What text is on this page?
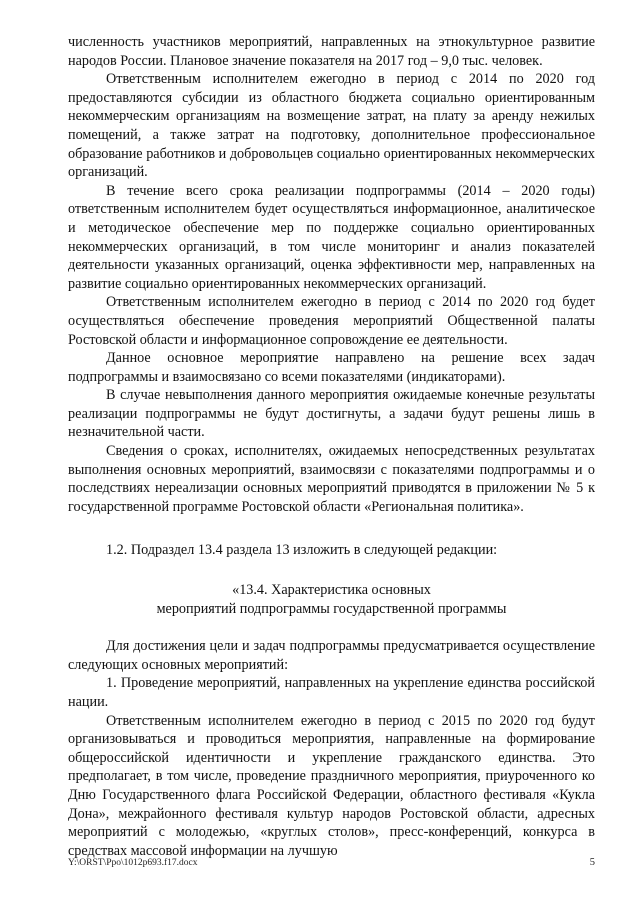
численность участников мероприятий, направленных на этнокультурное развитие народов России. Плановое значение показателя на 2017 год – 9,0 тыс. человек.

Ответственным исполнителем ежегодно в период с 2014 по 2020 год предоставляются субсидии из областного бюджета социально ориентированным некоммерческим организациям на возмещение затрат, на плату за аренду нежилых помещений, а также затрат на подготовку, дополнительное профессиональное образование работников и добровольцев социально ориентированных некоммерческих организаций.

В течение всего срока реализации подпрограммы (2014 – 2020 годы) ответственным исполнителем будет осуществляться информационное, аналитическое и методическое обеспечение мер по поддержке социально ориентированных некоммерческих организаций, в том числе мониторинг и анализ показателей деятельности указанных организаций, оценка эффективности мер, направленных на развитие социально ориентированных некоммерческих организаций.

Ответственным исполнителем ежегодно в период с 2014 по 2020 год будет осуществляться обеспечение проведения мероприятий Общественной палаты Ростовской области и информационное сопровождение ее деятельности.

Данное основное мероприятие направлено на решение всех задач подпрограммы и взаимосвязано со всеми показателями (индикаторами).

В случае невыполнения данного мероприятия ожидаемые конечные результаты реализации подпрограммы не будут достигнуты, а задачи будут решены лишь в незначительной части.

Сведения о сроках, исполнителях, ожидаемых непосредственных результатах выполнения основных мероприятий, взаимосвязи с показателями подпрограммы и о последствиях нереализации основных мероприятий приводятся в приложении № 5 к государственной программе Ростовской области «Региональная политика».

1.2. Подраздел 13.4 раздела 13 изложить в следующей редакции:

«13.4. Характеристика основных

мероприятий подпрограммы государственной программы

Для достижения цели и задач подпрограммы предусматривается осуществление следующих основных мероприятий:

1. Проведение мероприятий, направленных на укрепление единства российской нации.

Ответственным исполнителем ежегодно в период с 2015 по 2020 год будут организовываться и проводиться мероприятия, направленные на формирование общероссийской идентичности и укрепление гражданского единства. Это предполагает, в том числе, проведение праздничного мероприятия, приуроченного ко Дню Государственного флага Российской Федерации, областного фестиваля «Кукла Дона», межрайонного фестиваля культур народов Ростовской области, адресных мероприятий с молодежью, «круглых столов», пресс-конференций, конкурса в средствах массовой информации на лучшую

Y:\ORST\Ppo\1012p693.f17.docx	5
